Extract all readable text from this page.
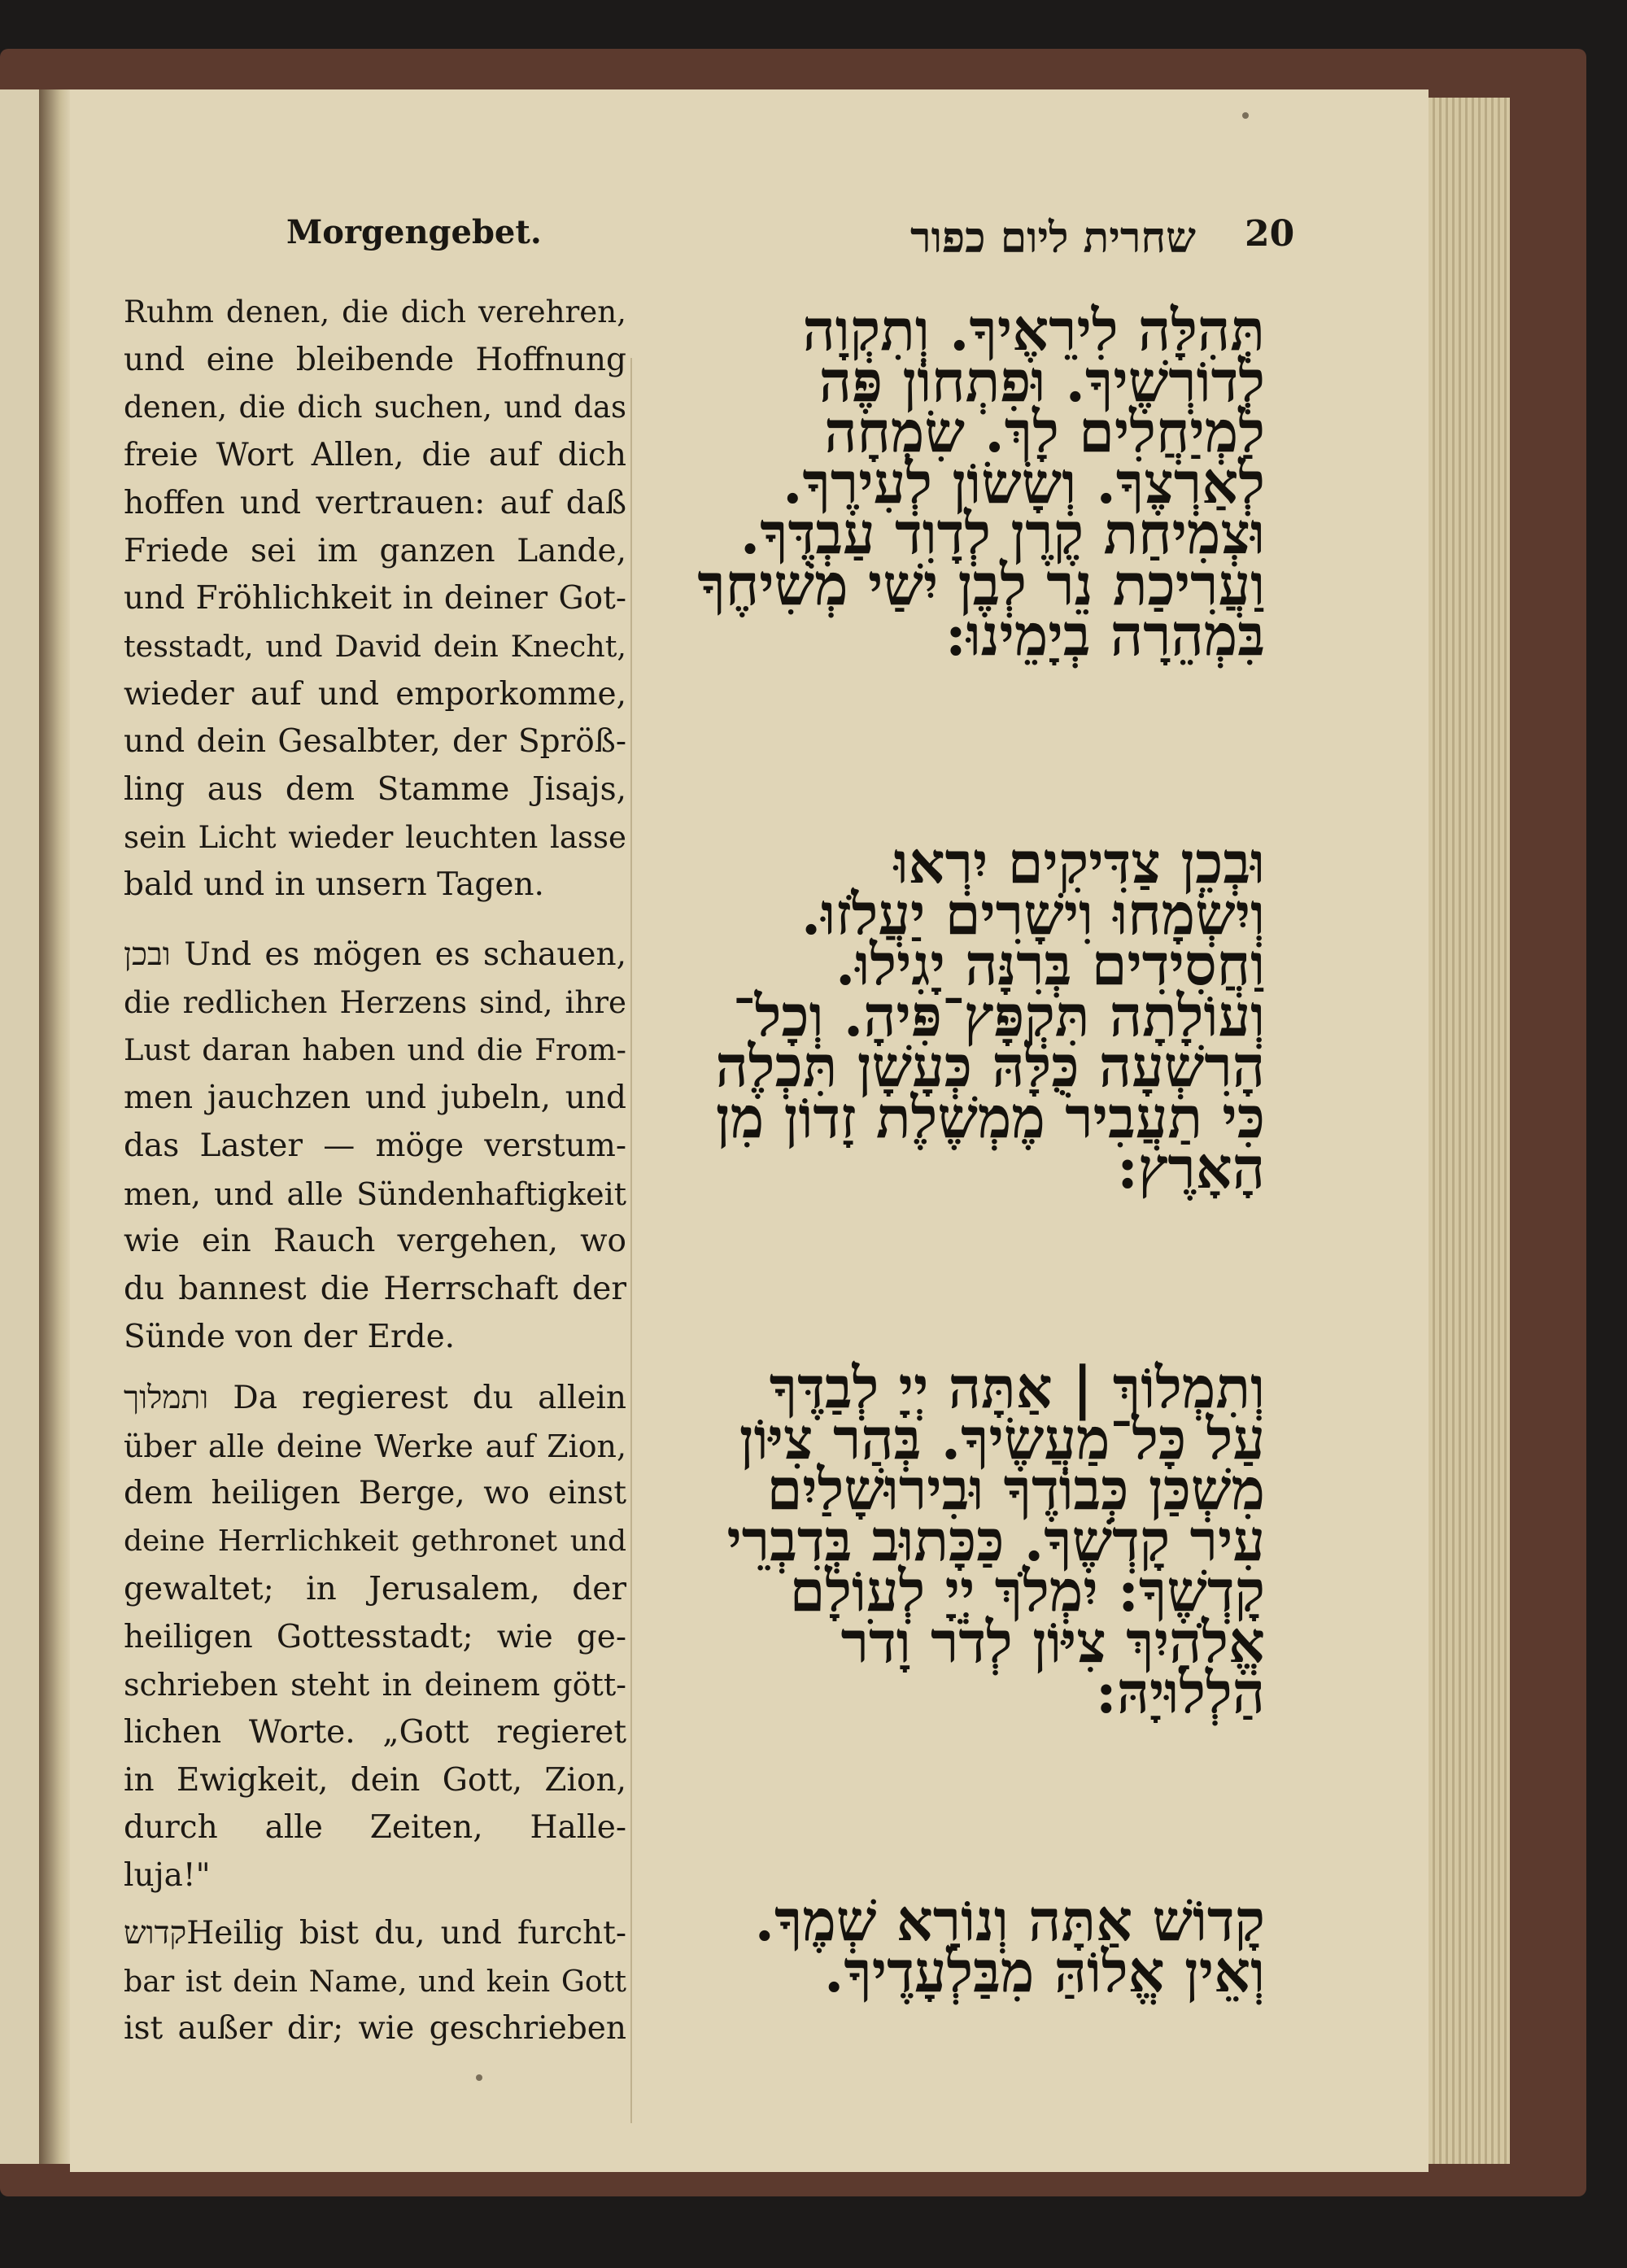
Morgengebet.	שחרית ליום כפור 20
Ruhm denen, die dich verehren,
und eine bleibende Hoffnung
denen, die dich suchen, und das
freie Wort Allen, die auf dich
hoffen und vertrauen: auf daß
Friede sei im ganzen Lande,
und Fröhlichkeit in deiner Got-
tesstadt, und David dein Knecht,
wieder auf und emporkomme,
und dein Gesalbter, der Spröß-
ling aus dem Stamme Jisajs,
sein Licht wieder leuchten lasse
bald und in unsern Tagen.
ובכן Und es mögen es schauen,
die redlichen Herzens sind, ihre
Lust daran haben und die From-
men jauchzen und jubeln, und
das Laster — möge verstum-
men, und alle Sündenhaftigkeit
wie ein Rauch vergehen, wo
du bannest die Herrschaft der
Sünde von der Erde.
ותמלוך Da regierest du allein
über alle deine Werke auf Zion,
dem heiligen Berge, wo einst
deine Herrlichkeit gethronet und
gewaltet; in Jerusalem, der
heiligen Gottesstadt; wie ge-
schrieben steht in deinem gött-
lichen Worte. „Gott regieret
in Ewigkeit, dein Gott, Zion,
durch alle Zeiten, Halle-
luja!"
קדושHeilig bist du, und furcht-
bar ist dein Name, und kein Gott
ist außer dir; wie geschrieben
תְּהִלָּה לִירֵאֶיךָ. וְתִקְוָה
לְדוֹרְשֶׁיךָ. וּפִתְחוֹן פֶּה
לַמְיַחֲלִים לָךְ. שִׂמְחָה
לְאַרְצֶךָ. וְשָׂשׂוֹן לְעִירֶךָ.
וּצְמִיחַת קֶרֶן לְדָוִד עַבְדֶּךָ.
וַעֲרִיכַת נֵר לְבֶן יִשַׁי מְשִׁיחֶךָ
בִּמְהֵרָה בְיָמֵינוּ:
וּבְכֵן צַדִּיקִים יִרְאוּ
וְיִשְׂמָחוּ וִישָׁרִים יַעֲלֹזוּ.
וַחֲסִידִים בְּרִנָּה יָגִילוּ.
וְעוֹלָתָה תִּקְפָּץ־פִּיהָ. וְכָל־
הָרִשְׁעָה כֻּלָּהּ כְּעָשָׁן תִּכְלֶה
כִּי תַעֲבִיר מֶמְשֶׁלֶת זָדוֹן מִן
הָאָרֶץ:
וְתִמְלוֹךְ | אַתָּה יְיָ לְבַדֶּךָ
עַל כָּל־מַעֲשֶׂיךָ. בְּהַר צִיּוֹן
מִשְׁכַּן כְּבוֹדֶךָ וּבִירוּשָׁלַיִם
עִיר קָדְשֶׁךָ. כַּכָּתוּב בְּדִבְרֵי
קָדְשֶׁךָ: יִמְלֹךְ יְיָ לְעוֹלָם
אֱלֹהַיִךְ צִיּוֹן לְדֹר וָדֹר
הַלְלוּיָהּ:
קָדוֹשׁ אַתָּה וְנוֹרָא שְׁמֶךָ.
וְאֵין אֱלוֹהַּ מִבַּלְעָדֶיךָ.
